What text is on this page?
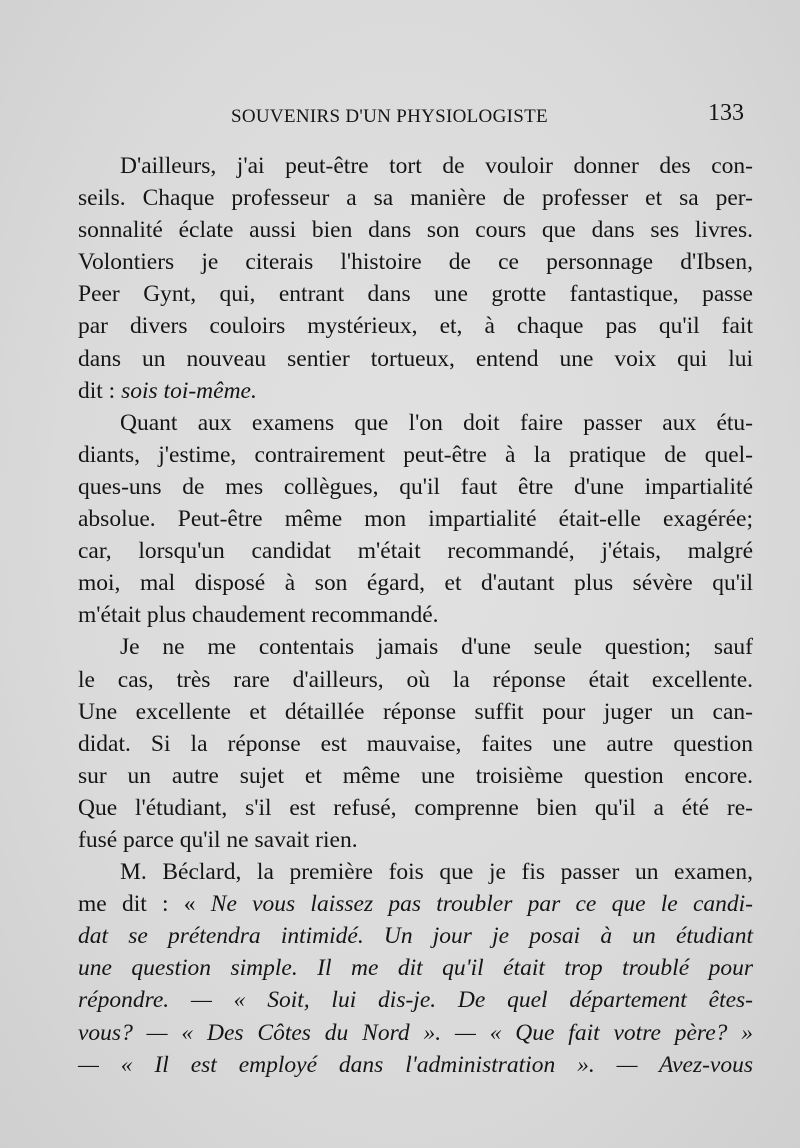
SOUVENIRS D'UN PHYSIOLOGISTE	133
D'ailleurs, j'ai peut-être tort de vouloir donner des con-
seils. Chaque professeur a sa manière de professer et sa per-
sonnalité éclate aussi bien dans son cours que dans ses livres.
Volontiers je citerais l'histoire de ce personnage d'Ibsen,
Peer Gynt, qui, entrant dans une grotte fantastique, passe
par divers couloirs mystérieux, et, à chaque pas qu'il fait
dans un nouveau sentier tortueux, entend une voix qui lui
dit : sois toi-même.
Quant aux examens que l'on doit faire passer aux étu-
diants, j'estime, contrairement peut-être à la pratique de quel-
ques-uns de mes collègues, qu'il faut être d'une impartialité
absolue. Peut-être même mon impartialité était-elle exagérée;
car, lorsqu'un candidat m'était recommandé, j'étais, malgré
moi, mal disposé à son égard, et d'autant plus sévère qu'il
m'était plus chaudement recommandé.
Je ne me contentais jamais d'une seule question; sauf
le cas, très rare d'ailleurs, où la réponse était excellente.
Une excellente et détaillée réponse suffit pour juger un can-
didat. Si la réponse est mauvaise, faites une autre question
sur un autre sujet et même une troisième question encore.
Que l'étudiant, s'il est refusé, comprenne bien qu'il a été re-
fusé parce qu'il ne savait rien.
M. Béclard, la première fois que je fis passer un examen,
me dit : « Ne vous laissez pas troubler par ce que le candi-
dat se prétendra intimidé. Un jour je posai à un étudiant
une question simple. Il me dit qu'il était trop troublé pour
répondre. — « Soit, lui dis-je. De quel département êtes-
vous? — « Des Côtes du Nord ». — « Que fait votre père? »
— « Il est employé dans l'administration ». — Avez-vous
